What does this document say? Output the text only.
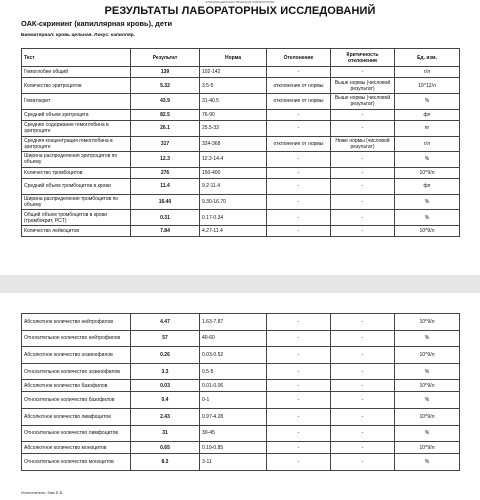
КЛИНИКО-ДИАГНОСТИЧЕСКАЯ ЛАБОРАТОРИЯ
РЕЗУЛЬТАТЫ ЛАБОРАТОРНЫХ ИССЛЕДОВАНИЙ
ОАК-скрининг (капиллярная кровь), дети
Биоматериал: кровь цельная. Локус: капилляр.
Тест	Результат	Норма	Отклонение	Критичность отклонения	Ед. изм.
Гемоглобин общий	139	102-142	-	-	г/л
Количество эритроцитов	5.32	3.5-5	отклонение от нормы	Выше нормы (числовой результат)	10^12/л
Гематокрит	43.9	31-40.5	отклонение от нормы	Выше нормы (числовой результат)	%
Средний объем эритроцита	82.5	76-90	-	-	фл
Среднее содержание гемоглобина в эритроците	26.1	25.5-33	-	-	пг
Средняя концентрация гемоглобина в эритроците	317	324-368	отклонение от нормы	Ниже нормы (числовой результат)	г/л
Ширина распределения эритроцитов по объему	12.3	12.2-14.4	-	-	%
Количество тромбоцитов	276	150-400	-	-	10^9/л
Средний объем тромбоцитов в крови	11.4	9.2-11.4	-	-	фл
Ширина распределения тромбоцитов по объему	16.40	9.30-16.70	-	-	%
Общий объем тромбоцитов в крови (тромбокрит, PCT)	0.31	0.17-0.34	-	-	%
Количество лейкоцитов	7.84	4.27-11.4	-	-	10^9/л
Абсолютное количество нейтрофилов	4.47	1.63-7.87	-	-	10^9/л
Относительное количество нейтрофилов	57	40-60	-	-	%
Абсолютное количество эозинофилов	0.26	0.03-0.52	-	-	10^9/л
Относительное количество эозинофилов	3.3	0.5-5	-	-	%
Абсолютное количество базофилов	0.03	0.01-0.06	-	-	10^9/л
Относительное количество базофилов	0.4	0-1	-	-	%
Абсолютное количество лимфоцитов	2.43	0.97-4.28	-	-	10^9/л
Относительное количество лимфоцитов	31	30-45	-	-	%
Абсолютное количество моноцитов	0.65	0.19-0.85	-	-	10^9/л
Относительное количество моноцитов	8.3	3-11	-	-	%
Исполнитель: Ким Е.В.
